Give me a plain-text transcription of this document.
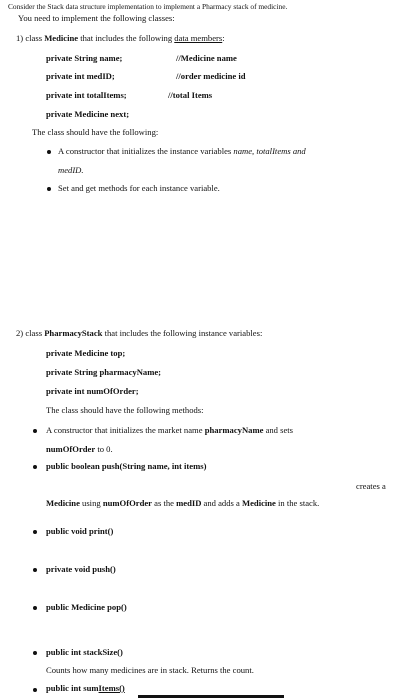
Consider the Stack data structure implementation to implement a Pharmacy stack of medicine.
You need to implement the following classes:
1) class Medicine that includes the following data members:
private String name;	//Medicine name
private int medID;	//order medicine id
private int totalItems;	//total Items
private Medicine next;
The class should have the following:
A constructor that initializes the instance variables name, totalItems and
medID.
Set and get methods for each instance variable.
2) class PharmacyStack that includes the following instance variables:
private Medicine top;
private String pharmacyName;
private int numOfOrder;
The class should have the following methods:
A constructor that initializes the market name pharmacyName and sets
numOfOrder to 0.
public boolean push(String name, int items)
creates a
Medicine using numOfOrder as the medID and adds a Medicine in the stack.
public void print()
private void push()
public Medicine pop()
public int stackSize()
Counts how many medicines are in stack. Returns the count.
public int sumItems()
